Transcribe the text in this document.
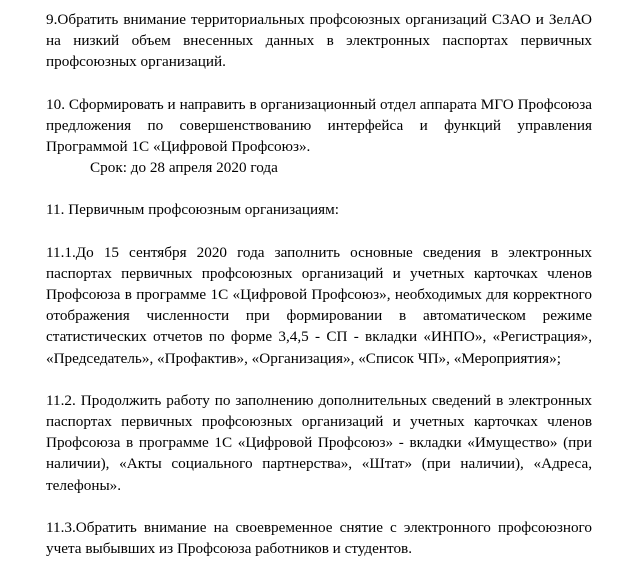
9.Обратить внимание территориальных профсоюзных организаций СЗАО и ЗелАО на низкий объем внесенных данных в электронных паспортах первичных профсоюзных организаций.

10. Сформировать и направить в организационный отдел аппарата МГО Профсоюза предложения по совершенствованию интерфейса и функций управления Программой 1С «Цифровой Профсоюз».

Срок: до 28 апреля 2020 года

11. Первичным профсоюзным организациям:

11.1.До 15 сентября 2020 года заполнить основные сведения в электронных паспортах первичных профсоюзных организаций и учетных карточках членов Профсоюза в программе 1С «Цифровой Профсоюз», необходимых для корректного отображения численности при формировании в автоматическом режиме статистических отчетов по форме 3,4,5 - СП - вкладки «ИНПО», «Регистрация», «Председатель», «Профактив», «Организация», «Список ЧП», «Мероприятия»;

11.2. Продолжить работу по заполнению дополнительных сведений в электронных паспортах первичных профсоюзных организаций и учетных карточках членов Профсоюза в программе 1С «Цифровой Профсоюз» - вкладки «Имущество» (при наличии), «Акты социального партнерства», «Штат» (при наличии), «Адреса, телефоны».

11.3.Обратить внимание на своевременное снятие с электронного профсоюзного учета выбывших из Профсоюза работников и студентов.
